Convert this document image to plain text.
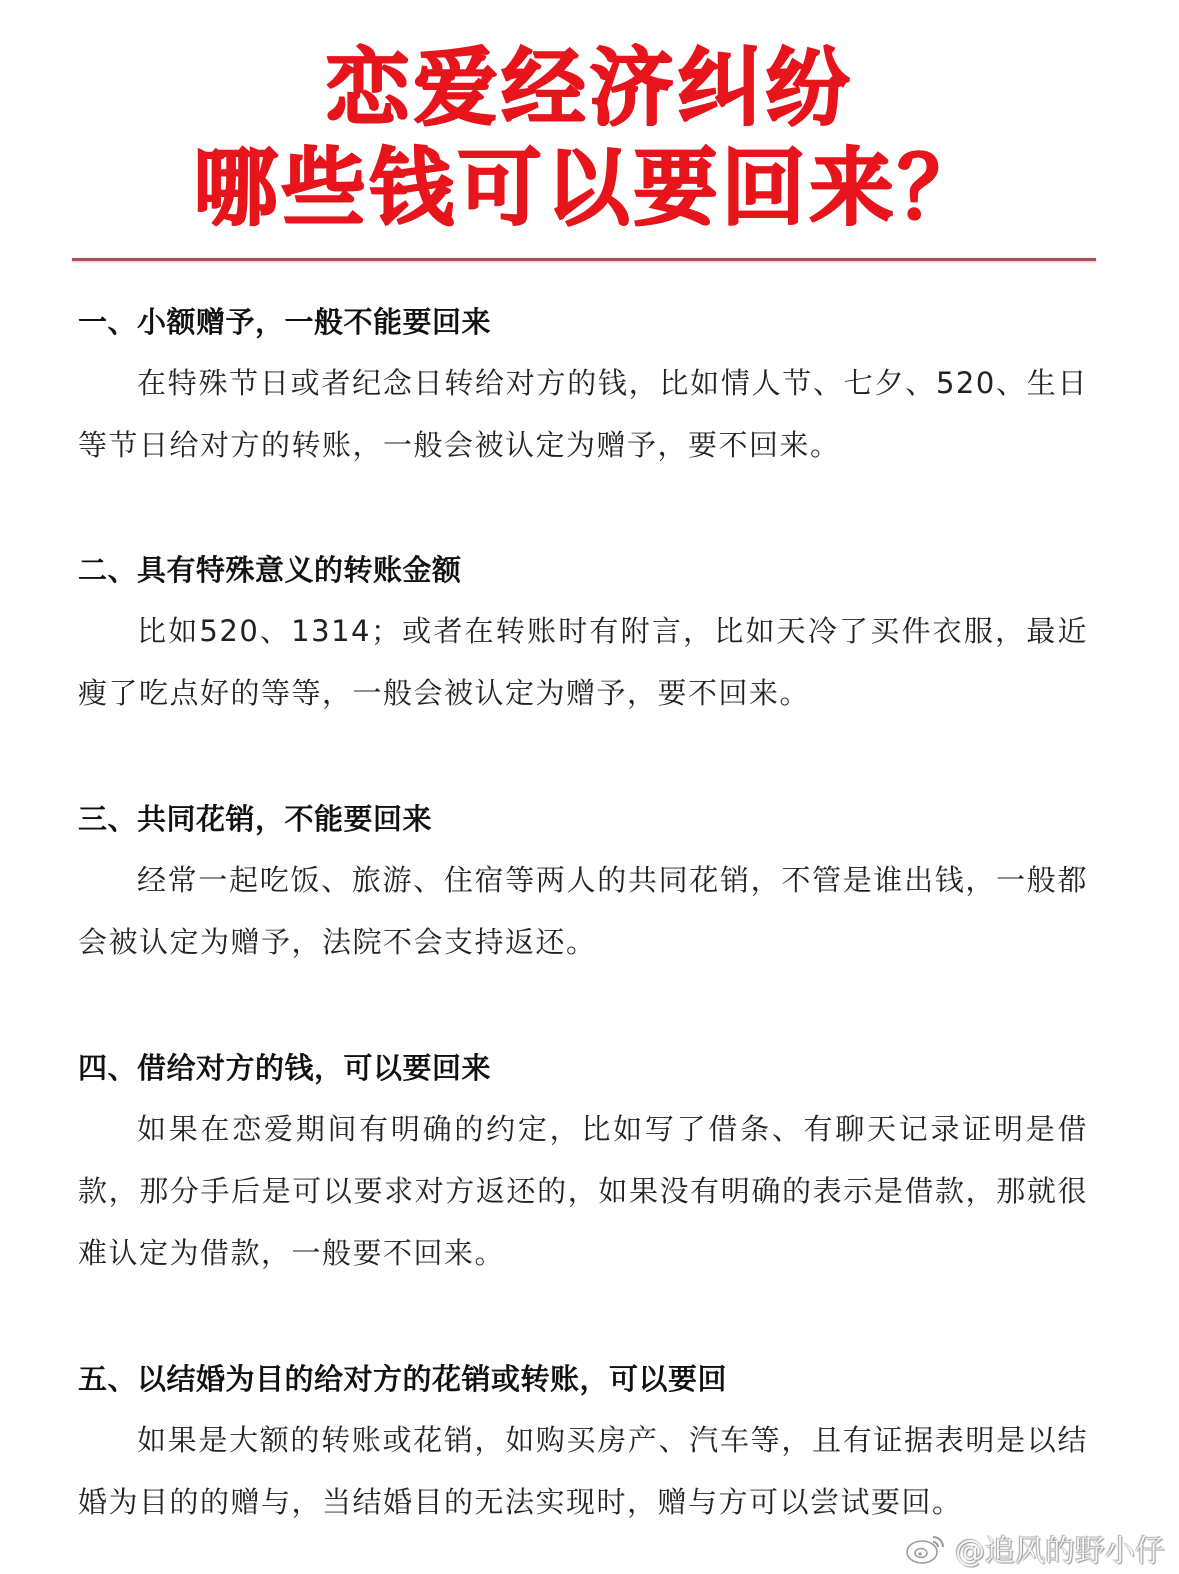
恋爱经济纠纷
哪些钱可以要回来？
一、小额赠予，一般不能要回来

在特殊节日或者纪念日转给对方的钱，比如情人节、七夕、520、生日等节日给对方的转账，一般会被认定为赠予，要不回来。

二、具有特殊意义的转账金额

比如520、1314；或者在转账时有附言，比如天冷了买件衣服，最近瘦了吃点好的等等，一般会被认定为赠予，要不回来。

三、共同花销，不能要回来

经常一起吃饭、旅游、住宿等两人的共同花销，不管是谁出钱，一般都会被认定为赠予，法院不会支持返还。

四、借给对方的钱，可以要回来

如果在恋爱期间有明确的约定，比如写了借条、有聊天记录证明是借款，那分手后是可以要求对方返还的，如果没有明确的表示是借款，那就很难认定为借款，一般要不回来。

五、以结婚为目的给对方的花销或转账，可以要回

如果是大额的转账或花销，如购买房产、汽车等，且有证据表明是以结婚为目的的赠与，当结婚目的无法实现时，赠与方可以尝试要回。

@追风的野小仔
